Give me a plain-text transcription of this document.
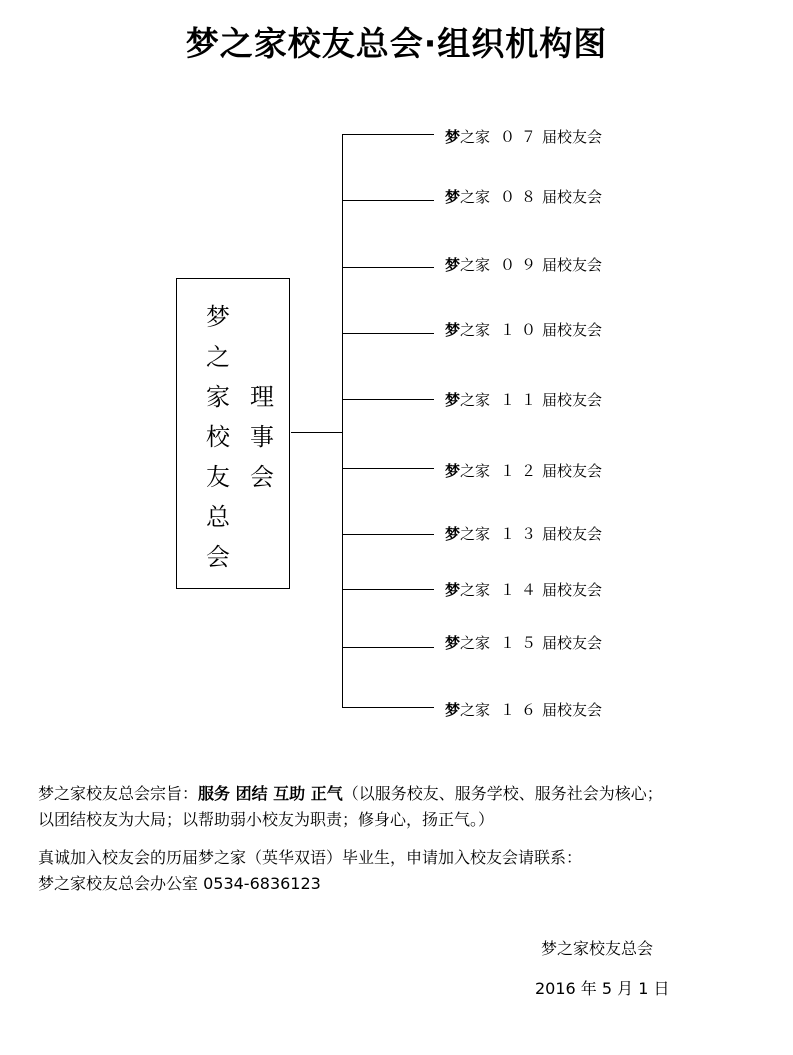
梦之家校友总会·组织机构图
梦
之
家
校
友
总
会
理
事
会
梦之家 ０７届校友会
梦之家 ０８届校友会
梦之家 ０９届校友会
梦之家 １０届校友会
梦之家 １１届校友会
梦之家 １２届校友会
梦之家 １３届校友会
梦之家 １４届校友会
梦之家 １５届校友会
梦之家 １６届校友会
梦之家校友总会宗旨：服务 团结 互助 正气（以服务校友、服务学校、服务社会为核心；
以团结校友为大局；以帮助弱小校友为职责；修身心，扬正气。）
真诚加入校友会的历届梦之家（英华双语）毕业生，申请加入校友会请联系：
梦之家校友总会办公室 0534-6836123
梦之家校友总会
2016 年 5 月 1 日
